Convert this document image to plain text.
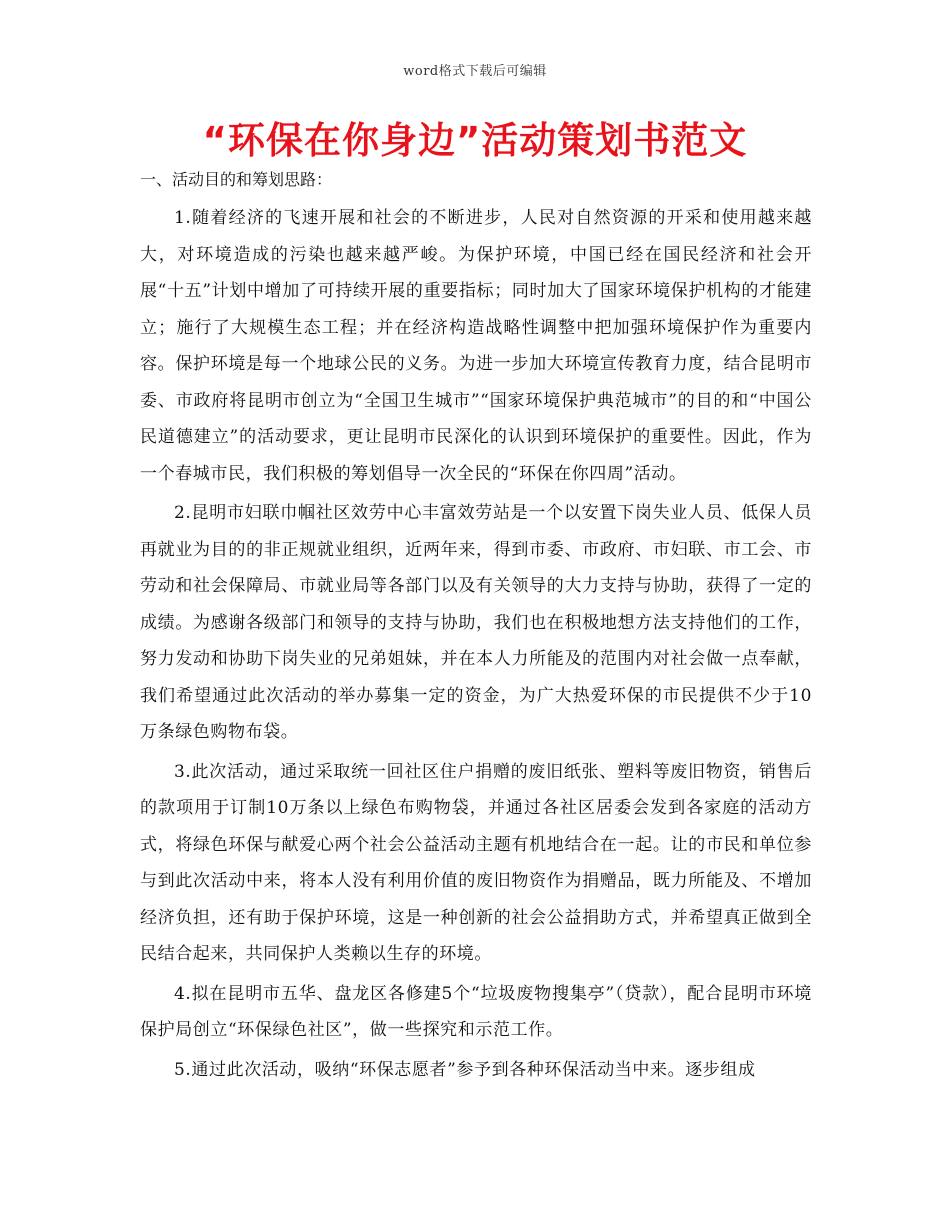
word格式下载后可编辑
“环保在你身边”活动策划书范文
一、活动目的和筹划思路：

1.随着经济的飞速开展和社会的不断进步，人民对自然资源的开采和使用越来越大，对环境造成的污染也越来越严峻。为保护环境，中国已经在国民经济和社会开展“十五”计划中增加了可持续开展的重要指标；同时加大了国家环境保护机构的才能建立；施行了大规模生态工程；并在经济构造战略性调整中把加强环境保护作为重要内容。保护环境是每一个地球公民的义务。为进一步加大环境宣传教育力度，结合昆明市委、市政府将昆明市创立为“全国卫生城市”“国家环境保护典范城市”的目的和“中国公民道德建立”的活动要求，更让昆明市民深化的认识到环境保护的重要性。因此，作为一个春城市民，我们积极的筹划倡导一次全民的“环保在你四周”活动。

2.昆明市妇联巾帼社区效劳中心丰富效劳站是一个以安置下岗失业人员、低保人员再就业为目的的非正规就业组织，近两年来，得到市委、市政府、市妇联、市工会、市劳动和社会保障局、市就业局等各部门以及有关领导的大力支持与协助，获得了一定的成绩。为感谢各级部门和领导的支持与协助，我们也在积极地想方法支持他们的工作，努力发动和协助下岗失业的兄弟姐妹，并在本人力所能及的范围内对社会做一点奉献，我们希望通过此次活动的举办募集一定的资金，为广大热爱环保的市民提供不少于10万条绿色购物布袋。

3.此次活动，通过采取统一回社区住户捐赠的废旧纸张、塑料等废旧物资，销售后的款项用于订制10万条以上绿色布购物袋，并通过各社区居委会发到各家庭的活动方式，将绿色环保与献爱心两个社会公益活动主题有机地结合在一起。让的市民和单位参与到此次活动中来，将本人没有利用价值的废旧物资作为捐赠品，既力所能及、不增加经济负担，还有助于保护环境，这是一种创新的社会公益捐助方式，并希望真正做到全民结合起来，共同保护人类赖以生存的环境。

4.拟在昆明市五华、盘龙区各修建5个“垃圾废物搜集亭”（贷款），配合昆明市环境保护局创立“环保绿色社区”，做一些探究和示范工作。

5.通过此次活动，吸纳“环保志愿者”参予到各种环保活动当中来。逐步组成
